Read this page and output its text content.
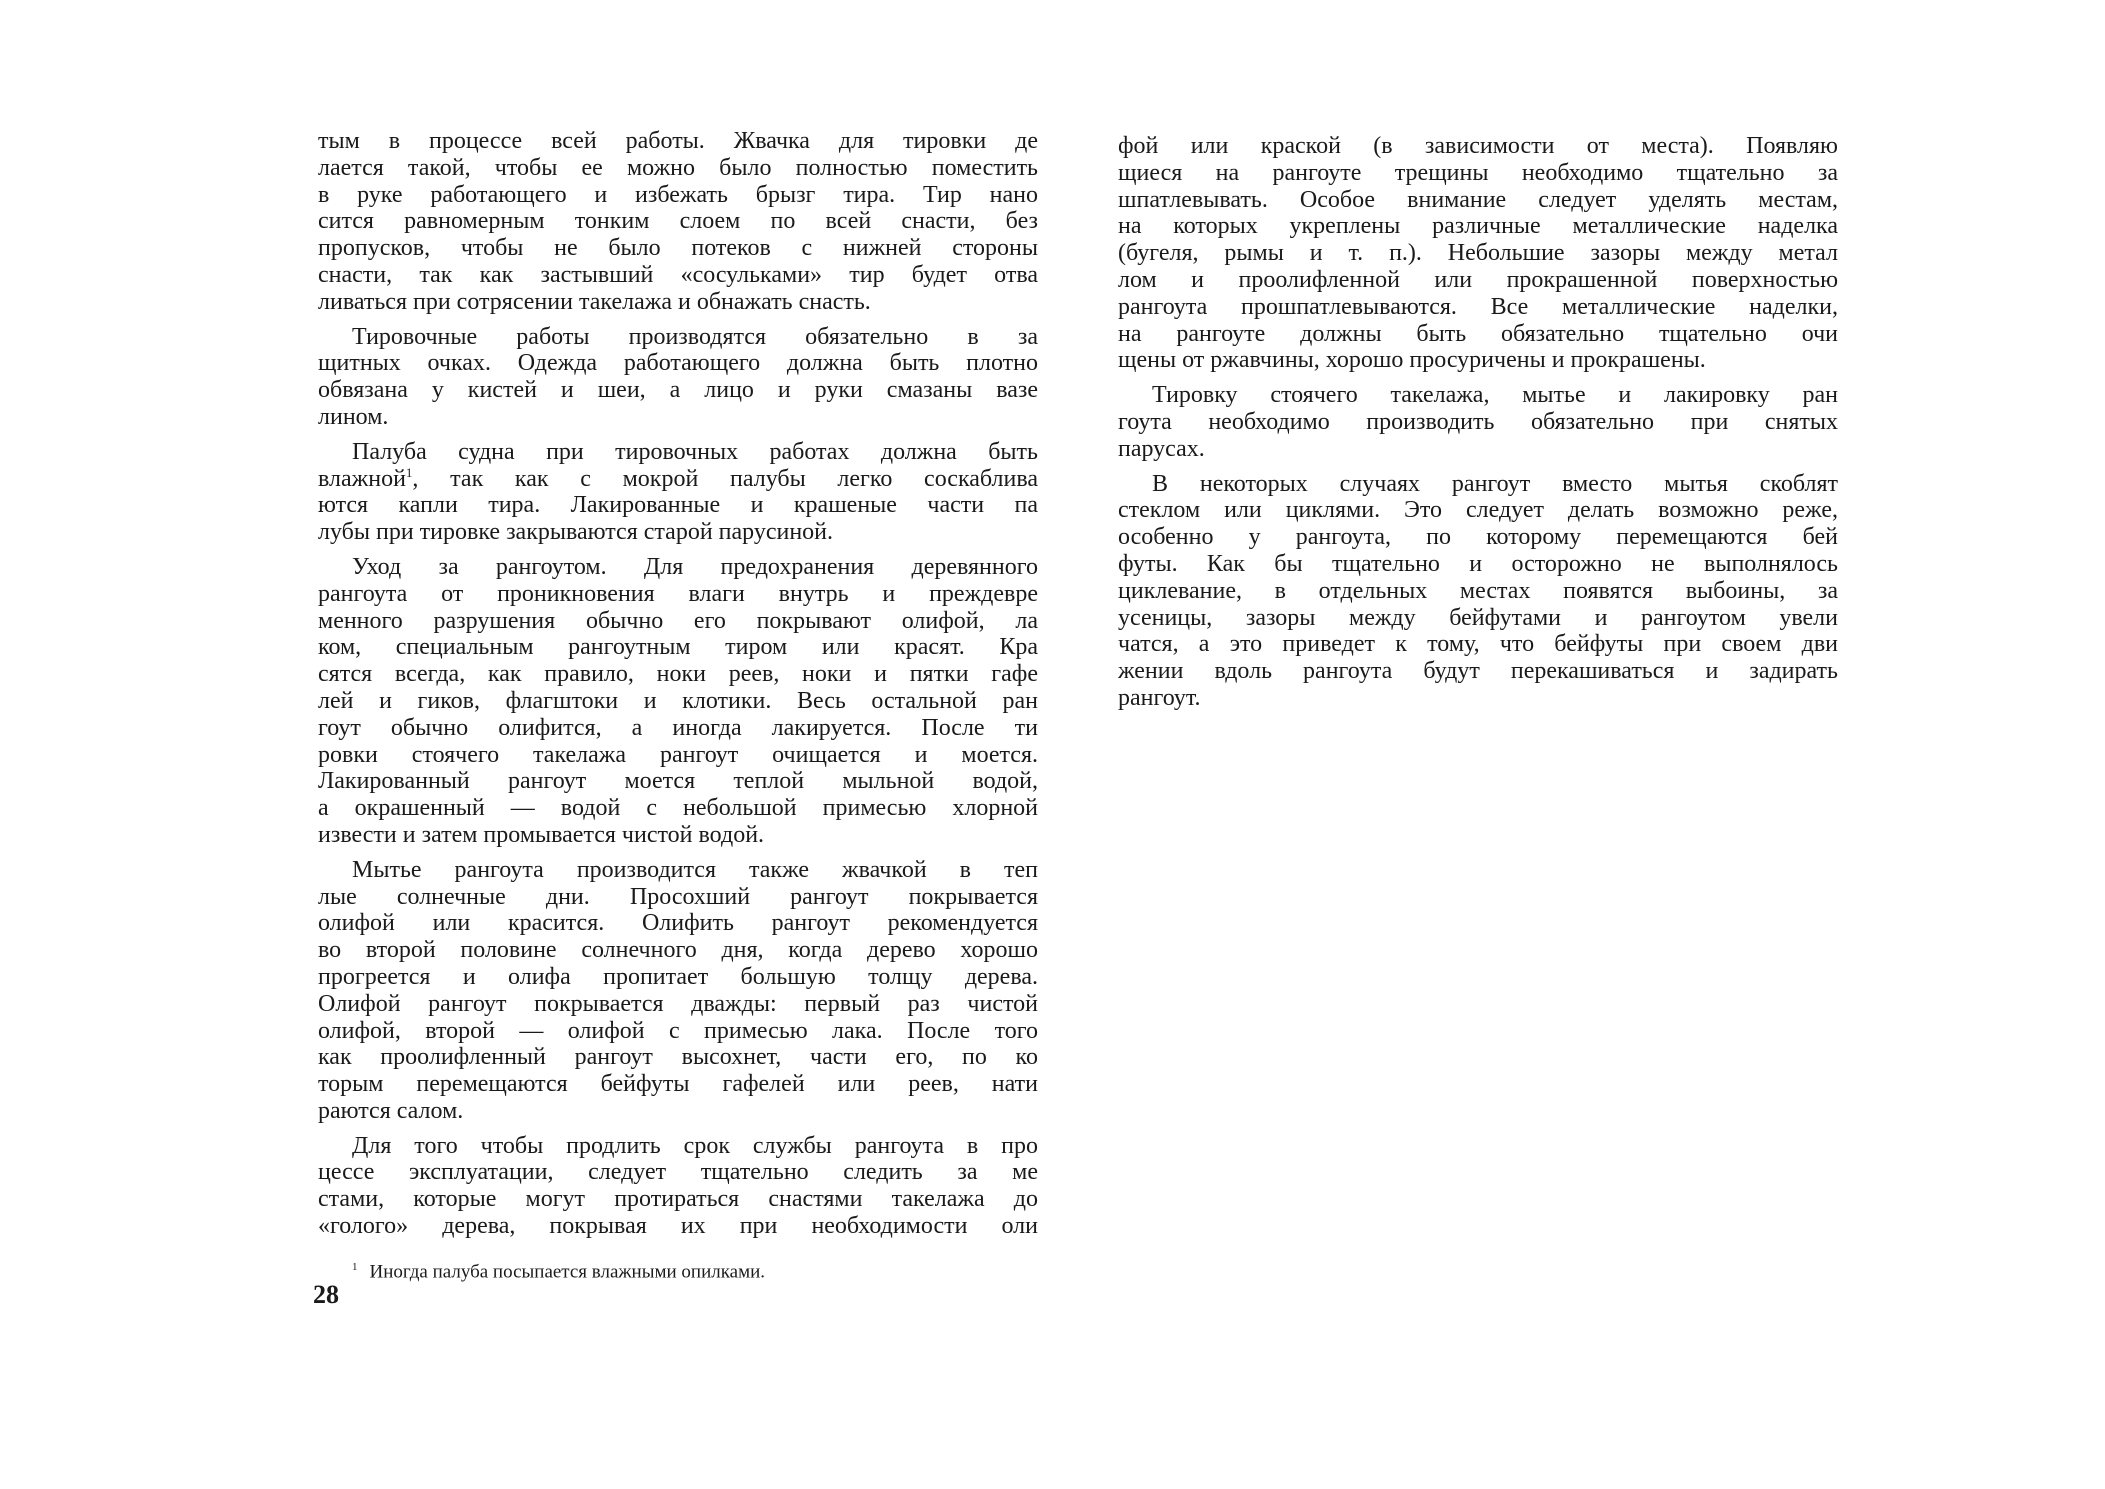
тым в процессе всей работы. Жвачка для тировки де
лается такой, чтобы ее можно было полностью поместить
в руке работающего и избежать брызг тира. Тир нано
сится равномерным тонким слоем по всей снасти, без
пропусков, чтобы не было потеков с нижней стороны
снасти, так как застывший «сосульками» тир будет отва
ливаться при сотрясении такелажа и обнажать снасть.
Тировочные работы производятся обязательно в за
щитных очках. Одежда работающего должна быть плотно
обвязана у кистей и шеи, а лицо и руки смазаны вазе
лином.
Палуба судна при тировочных работах должна быть
влажной$^1$, так как с мокрой палубы легко соскаблива
ются капли тира. Лакированные и крашеные части па
лубы при тировке закрываются старой парусиной.
Уход за рангоутом. Для предохранения деревянного
рангоута от проникновения влаги внутрь и преждевре
менного разрушения обычно его покрывают олифой, ла
ком, специальным рангоутным тиром или красят. Кра
сятся всегда, как правило, ноки реев, ноки и пятки гафе
лей и гиков, флагштоки и клотики. Весь остальной ран
гоут обычно олифится, а иногда лакируется. После ти
ровки стоячего такелажа рангоут очищается и моется.
Лакированный рангоут моется теплой мыльной водой,
а окрашенный — водой с небольшой примесью хлорной
извести и затем промывается чистой водой.
Мытье рангоута производится также жвачкой в теп
лые солнечные дни. Просохший рангоут покрывается
олифой или красится. Олифить рангоут рекомендуется
во второй половине солнечного дня, когда дерево хорошо
прогреется и олифа пропитает большую толщу дерева.
Олифой рангоут покрывается дважды: первый раз чистой
олифой, второй — олифой с примесью лака. После того
как проолифленный рангоут высохнет, части его, по ко
торым перемещаются бейфуты гафелей или реев, нати
раются салом.
Для того чтобы продлить срок службы рангоута в про
цессе эксплуатации, следует тщательно следить за ме
стами, которые могут протираться снастями такелажа до
«голого» дерева, покрывая их при необходимости оли
фой или краской (в зависимости от места). Появляю
щиеся на рангоуте трещины необходимо тщательно за
шпатлевывать. Особое внимание следует уделять местам,
на которых укреплены различные металлические наделка
(бугеля, рымы и т. п.). Небольшие зазоры между метал
лом и проолифленной или прокрашенной поверхностью
рангоута прошпатлевываются. Все металлические наделки,
на рангоуте должны быть обязательно тщательно очи
щены от ржавчины, хорошо просуричены и прокрашены.
Тировку стоячего такелажа, мытье и лакировку ран
гоута необходимо производить обязательно при снятых
парусах.
В некоторых случаях рангоут вместо мытья скоблят
стеклом или циклями. Это следует делать возможно реже,
особенно у рангоута, по которому перемещаются бей
футы. Как бы тщательно и осторожно не выполнялось
циклевание, в отдельных местах появятся выбоины, за
усеницы, зазоры между бейфутами и рангоутом увели
чатся, а это приведет к тому, что бейфуты при своем дви
жении вдоль рангоута будут перекашиваться и задирать
рангоут.
$^1$ Иногда палуба посыпается влажными опилками.
28
